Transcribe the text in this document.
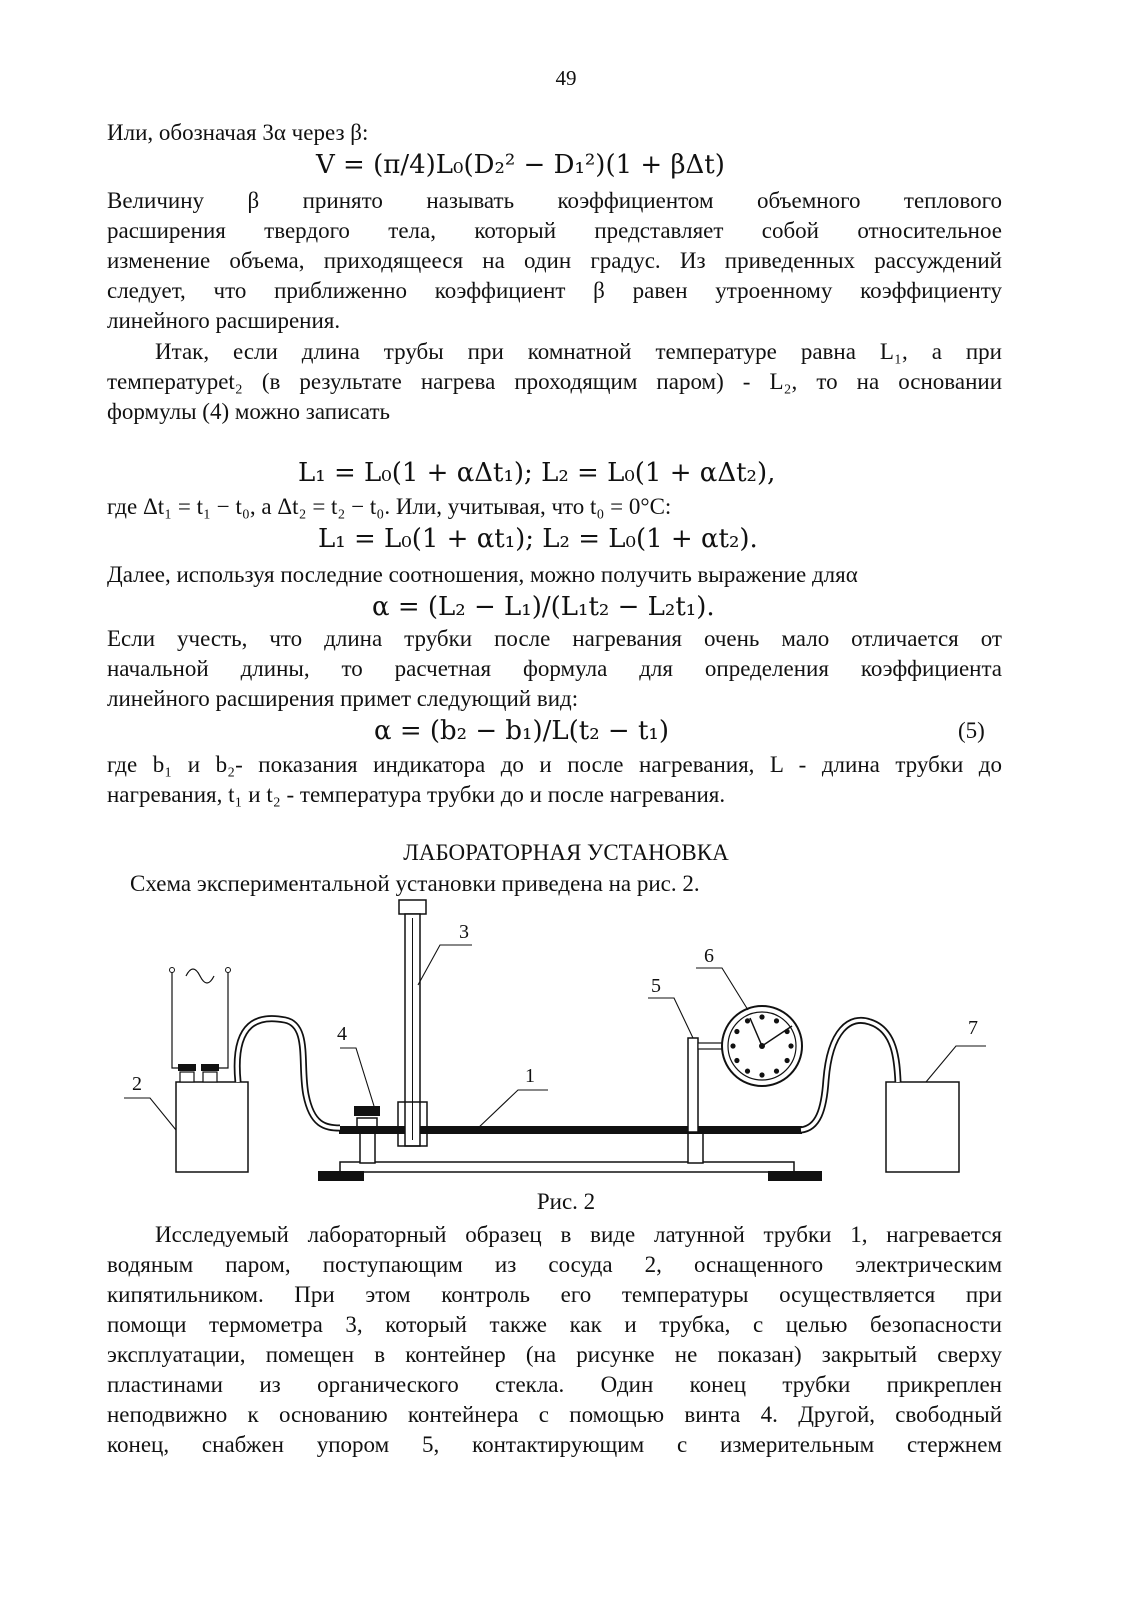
49
Или, обозначая 3α через β:
V = (π/4)L₀(D₂² − D₁²)(1 + βΔt)
Величину β принято называть коэффициентом объемного теплового
расширения твердого тела, который представляет собой относительное
изменение объема, приходящееся на один градус. Из приведенных рассуждений
следует, что приближенно коэффициент β равен утроенному коэффициенту
линейного расширения.
Итак, если длина трубы при комнатной температуре равна L₁, а при
температуреt₂ (в результате нагрева проходящим паром) - L₂, то на основании
формулы (4) можно записать
L₁ = L₀(1 + αΔt₁); L₂ = L₀(1 + αΔt₂),
где Δt₁ = t₁ − t₀, а Δt₂ = t₂ − t₀. Или, учитывая, что t₀ = 0°C:
L₁ = L₀(1 + αt₁); L₂ = L₀(1 + αt₂).
Далее, используя последние соотношения, можно получить выражение дляα
α = (L₂ − L₁)/(L₁t₂ − L₂t₁).
Если учесть, что длина трубки после нагревания очень мало отличается от
начальной длины, то расчетная формула для определения коэффициента
линейного расширения примет следующий вид:
α = (b₂ − b₁)/L(t₂ − t₁)	(5)
где b₁ и b₂- показания индикатора до и после нагревания, L - длина трубки до
нагревания, t₁ и t₂ - температура трубки до и после нагревания.
ЛАБОРАТОРНАЯ УСТАНОВКА
Схема экспериментальной установки приведена на рис. 2.
2
4
3
1
5
6
7
Рис. 2
Исследуемый лабораторный образец в виде латунной трубки 1, нагревается
водяным паром, поступающим из сосуда 2, оснащенного электрическим
кипятильником. При этом контроль его температуры осуществляется при
помощи термометра 3, который также как и трубка, с целью безопасности
эксплуатации, помещен в контейнер (на рисунке не показан) закрытый сверху
пластинами из органического стекла. Один конец трубки прикреплен
неподвижно к основанию контейнера с помощью винта 4. Другой, свободный
конец, снабжен упором 5, контактирующим с измерительным стержнем
